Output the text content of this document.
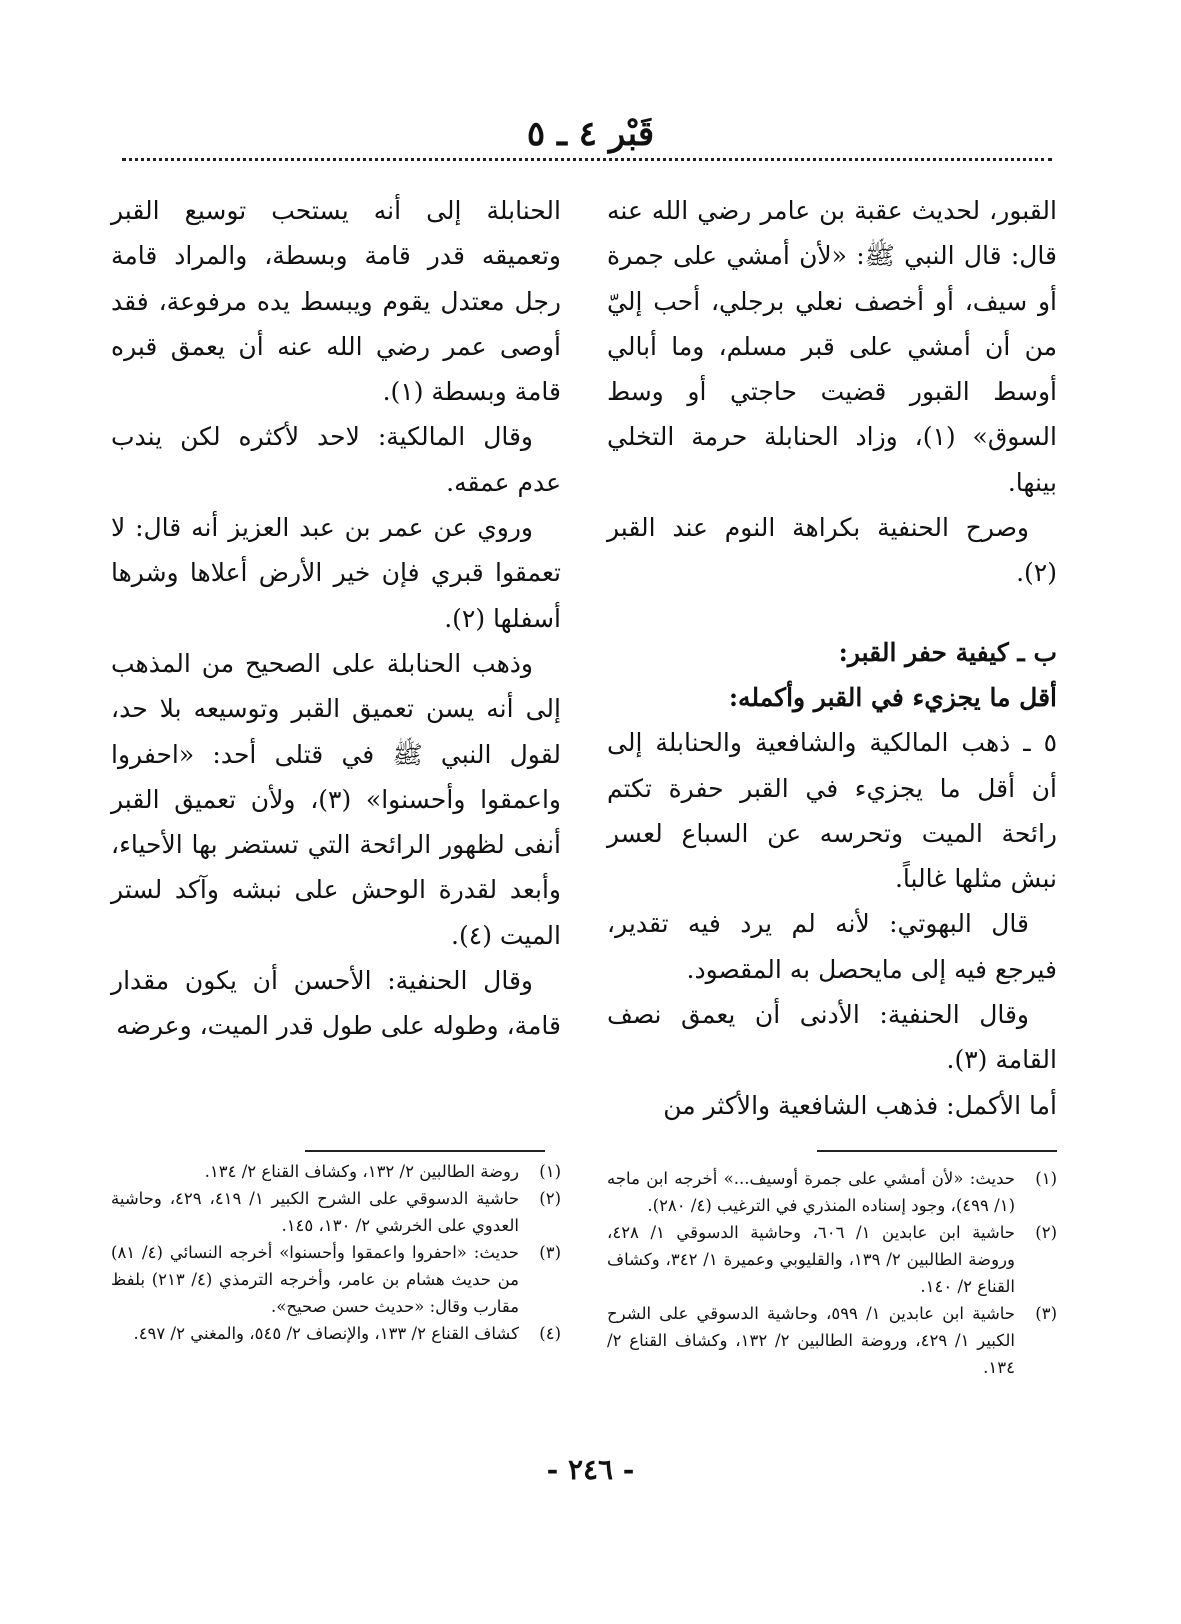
قَبْر ٤ ـ ٥

القبور، لحديث عقبة بن عامر رضي الله عنه قال: قال النبي ﷺ: «لأن أمشي على جمرة أو سيف، أو أخصف نعلي برجلي، أحب إليّ من أن أمشي على قبر مسلم، وما أبالي أوسط القبور قضيت حاجتي أو وسط السوق» (١)، وزاد الحنابلة حرمة التخلي بينها.

وصرح الحنفية بكراهة النوم عند القبر (٢).

ب ـ كيفية حفر القبر:

أقل ما يجزيء في القبر وأكمله:

٥ ـ ذهب المالكية والشافعية والحنابلة إلى أن أقل ما يجزيء في القبر حفرة تكتم رائحة الميت وتحرسه عن السباع لعسر نبش مثلها غالباً.

قال البهوتي: لأنه لم يرد فيه تقدير، فيرجع فيه إلى مايحصل به المقصود.

وقال الحنفية: الأدنى أن يعمق نصف القامة (٣).

أما الأكمل: فذهب الشافعية والأكثر من

الحنابلة إلى أنه يستحب توسيع القبر وتعميقه قدر قامة وبسطة، والمراد قامة رجل معتدل يقوم ويبسط يده مرفوعة، فقد أوصى عمر رضي الله عنه أن يعمق قبره قامة وبسطة (١).

وقال المالكية: لاحد لأكثره لكن يندب عدم عمقه.

وروي عن عمر بن عبد العزيز أنه قال: لا تعمقوا قبري فإن خير الأرض أعلاها وشرها أسفلها (٢).

وذهب الحنابلة على الصحيح من المذهب إلى أنه يسن تعميق القبر وتوسيعه بلا حد، لقول النبي ﷺ في قتلى أحد: «احفروا واعمقوا وأحسنوا» (٣)، ولأن تعميق القبر أنفى لظهور الرائحة التي تستضر بها الأحياء، وأبعد لقدرة الوحش على نبشه وآكد لستر الميت (٤).

وقال الحنفية: الأحسن أن يكون مقدار قامة، وطوله على طول قدر الميت، وعرضه

(١)
حديث: «لأن أمشي على جمرة أوسيف...» أخرجه ابن ماجه (١/ ٤٩٩)، وجود إسناده المنذري في الترغيب (٤/ ٢٨٠).

(٢)
حاشية ابن عابدين ١/ ٦٠٦، وحاشية الدسوقي ١/ ٤٢٨، وروضة الطالبين ٢/ ١٣٩، والقليوبي وعميرة ١/ ٣٤٢، وكشاف القناع ٢/ ١٤٠.

(٣)
حاشية ابن عابدين ١/ ٥٩٩، وحاشية الدسوقي على الشرح الكبير ١/ ٤٢٩، وروضة الطالبين ٢/ ١٣٢، وكشاف القناع ٢/ ١٣٤.

(١)
روضة الطالبين ٢/ ١٣٢، وكشاف القناع ٢/ ١٣٤.

(٢)
حاشية الدسوقي على الشرح الكبير ١/ ٤١٩، ٤٢٩، وحاشية العدوي على الخرشي ٢/ ١٣٠، ١٤٥.

(٣)
حديث: «احفروا واعمقوا وأحسنوا» أخرجه النسائي (٤/ ٨١) من حديث هشام بن عامر، وأخرجه الترمذي (٤/ ٢١٣) بلفظ مقارب وقال: «حديث حسن صحيح».

(٤)
كشاف القناع ٢/ ١٣٣، والإنصاف ٢/ ٥٤٥، والمغني ٢/ ٤٩٧.

- ٢٤٦ -
